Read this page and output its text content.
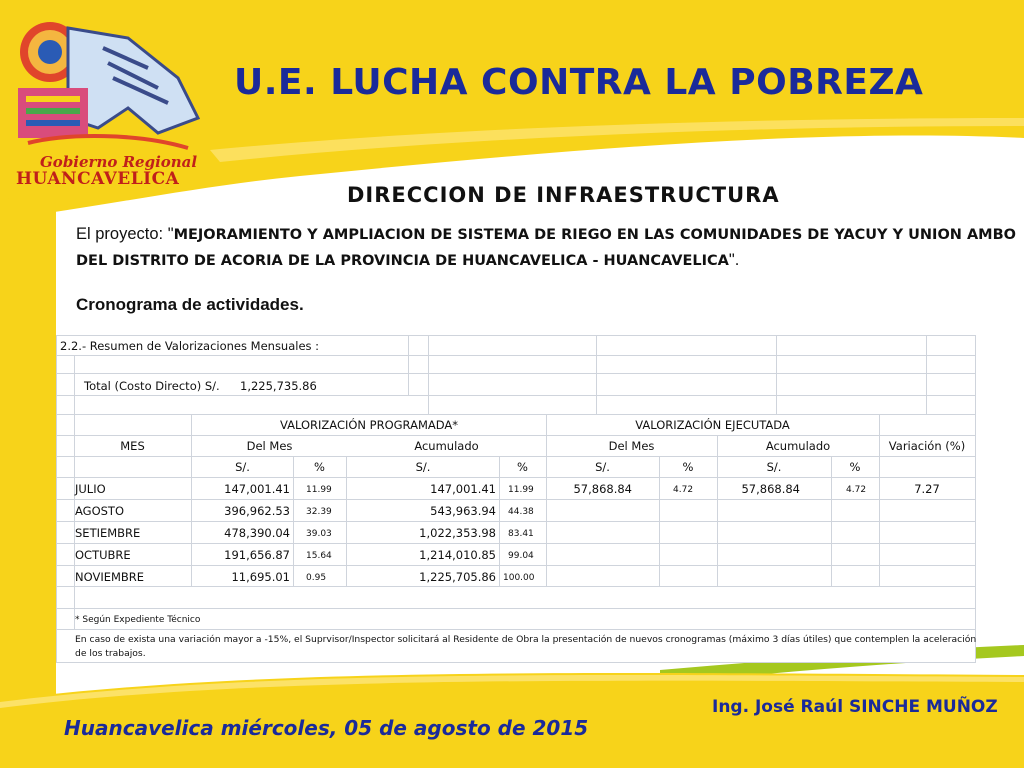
Gobierno Regional
HUANCAVELICA
U.E. LUCHA CONTRA LA POBREZA
DIRECCION DE INFRAESTRUCTURA
El proyecto: "MEJORAMIENTO Y AMPLIACION DE SISTEMA DE RIEGO EN LAS COMUNIDADES DE YACUY Y UNION AMBO DEL DISTRITO DE ACORIA DE LA PROVINCIA DE HUANCAVELICA - HUANCAVELICA".
Cronograma de actividades.
2.2.- Resumen de Valorizaciones Mensuales :
Total (Costo Directo) S/. 1,225,735.86
VALORIZACIÓN PROGRAMADA*	VALORIZACIÓN EJECUTADA
MES	Variación (%)
Del Mes	Acumulado	Del Mes	Acumulado
S/.	%	S/.	%	S/.	%	S/.	%
JULIO	147,001.41 11.99	147,001.41 11.99	57,868.84	4.72	57,868.84	4.72	7.27
AGOSTO	396,962.53 32.39	543,963.94 44.38
SETIEMBRE	478,390.04 39.03	1,022,353.98 83.41
OCTUBRE	191,656.87 15.64	1,214,010.85 99.04
NOVIEMBRE	11,695.01 0.95	1,225,705.86 100.00
* Según Expediente Técnico
En caso de exista una variación mayor a -15%, el Suprvisor/Inspector solicitará al Residente de Obra la presentación de nuevos cronogramas (máximo 3 días útiles) que contemplen la aceleración de los trabajos.
Ing. José Raúl SINCHE MUÑOZ
Huancavelica miércoles, 05 de agosto de 2015
